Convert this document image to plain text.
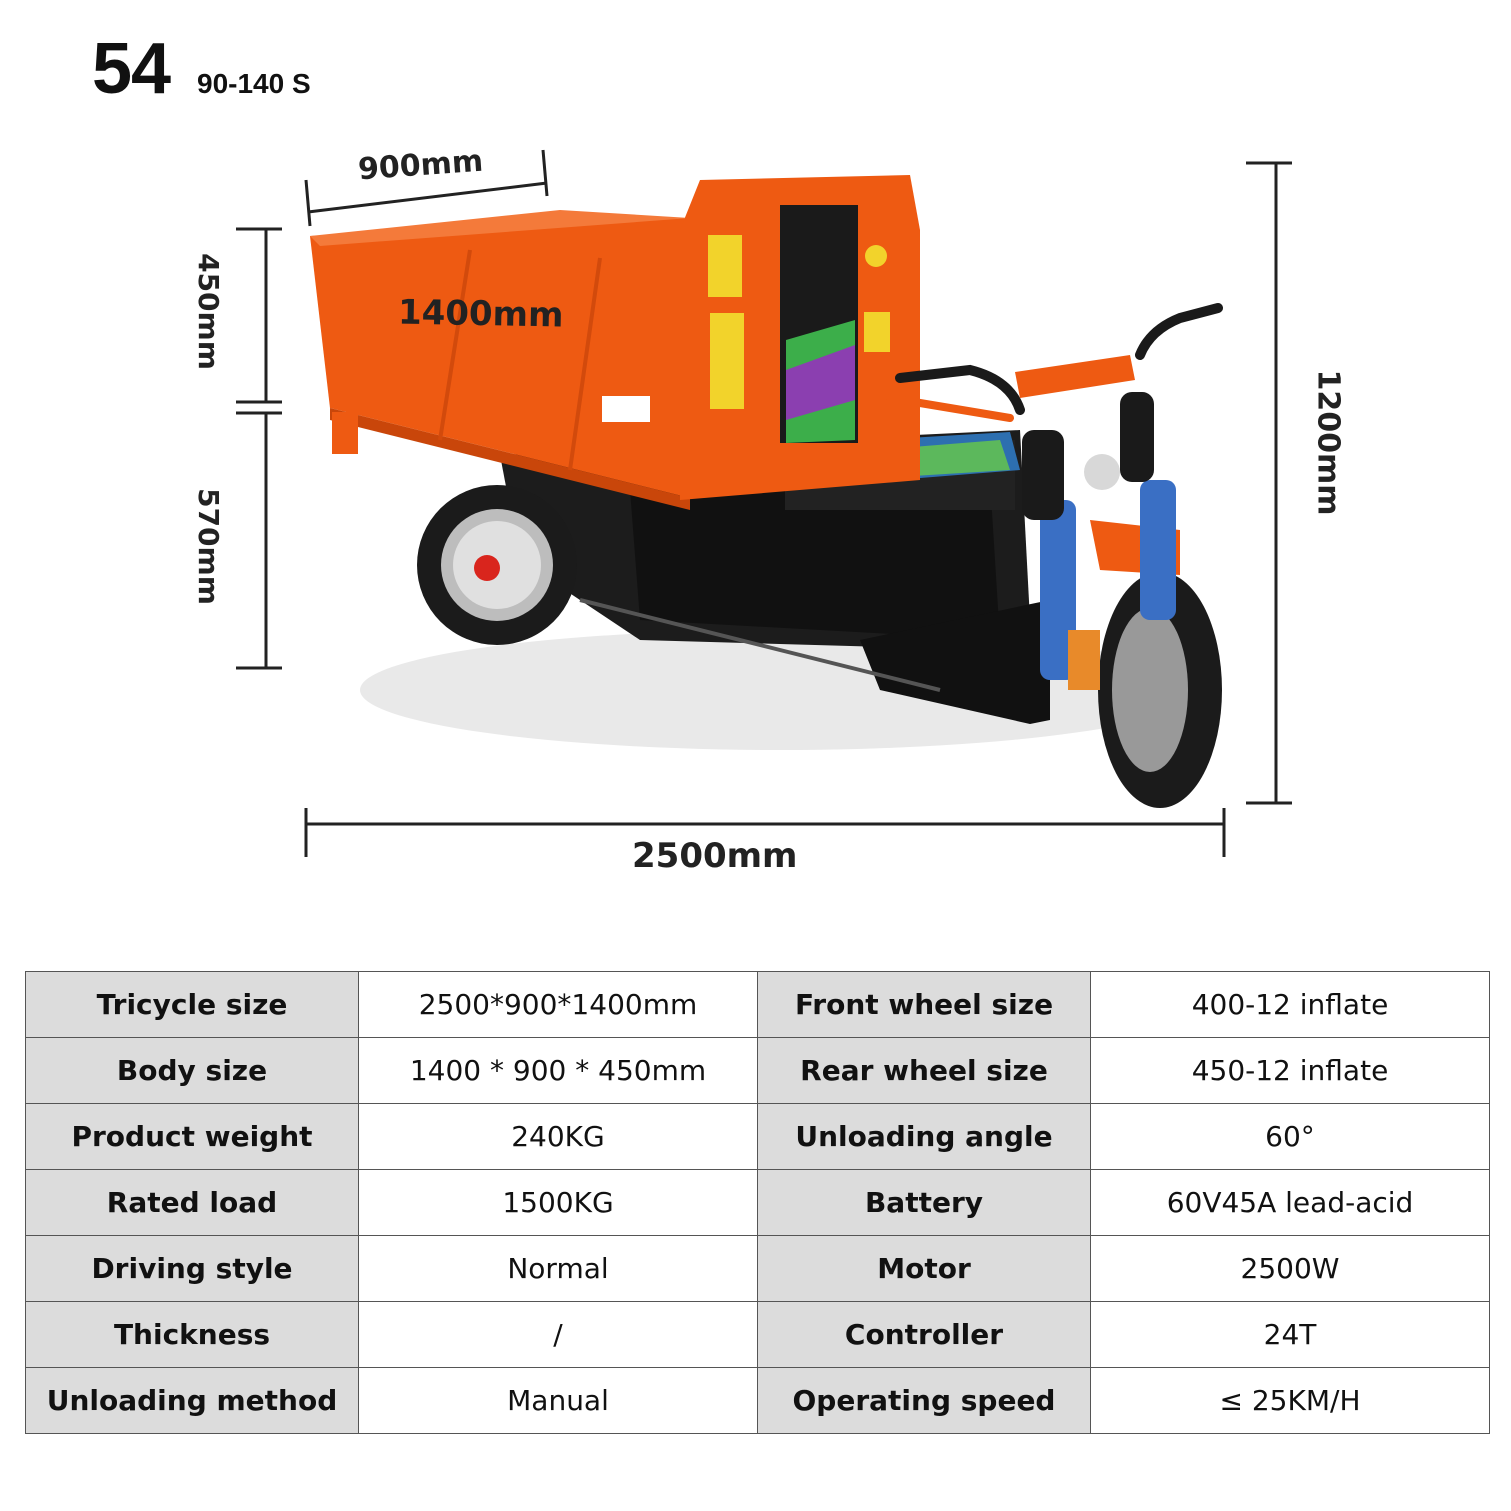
54 90-140 S
900mm
1400mm
2500mm
450mm
570mm
1200mm
Tricycle size	2500*900*1400mm	Front wheel size	400-12 inflate
Body size	1400 * 900 * 450mm	Rear wheel size	450-12 inflate
Product weight	240KG	Unloading angle	60°
Rated load	1500KG	Battery	60V45A lead-acid
Driving style	Normal	Motor	2500W
Thickness	/	Controller	24T
Unloading method	Manual	Operating speed	≤ 25KM/H
